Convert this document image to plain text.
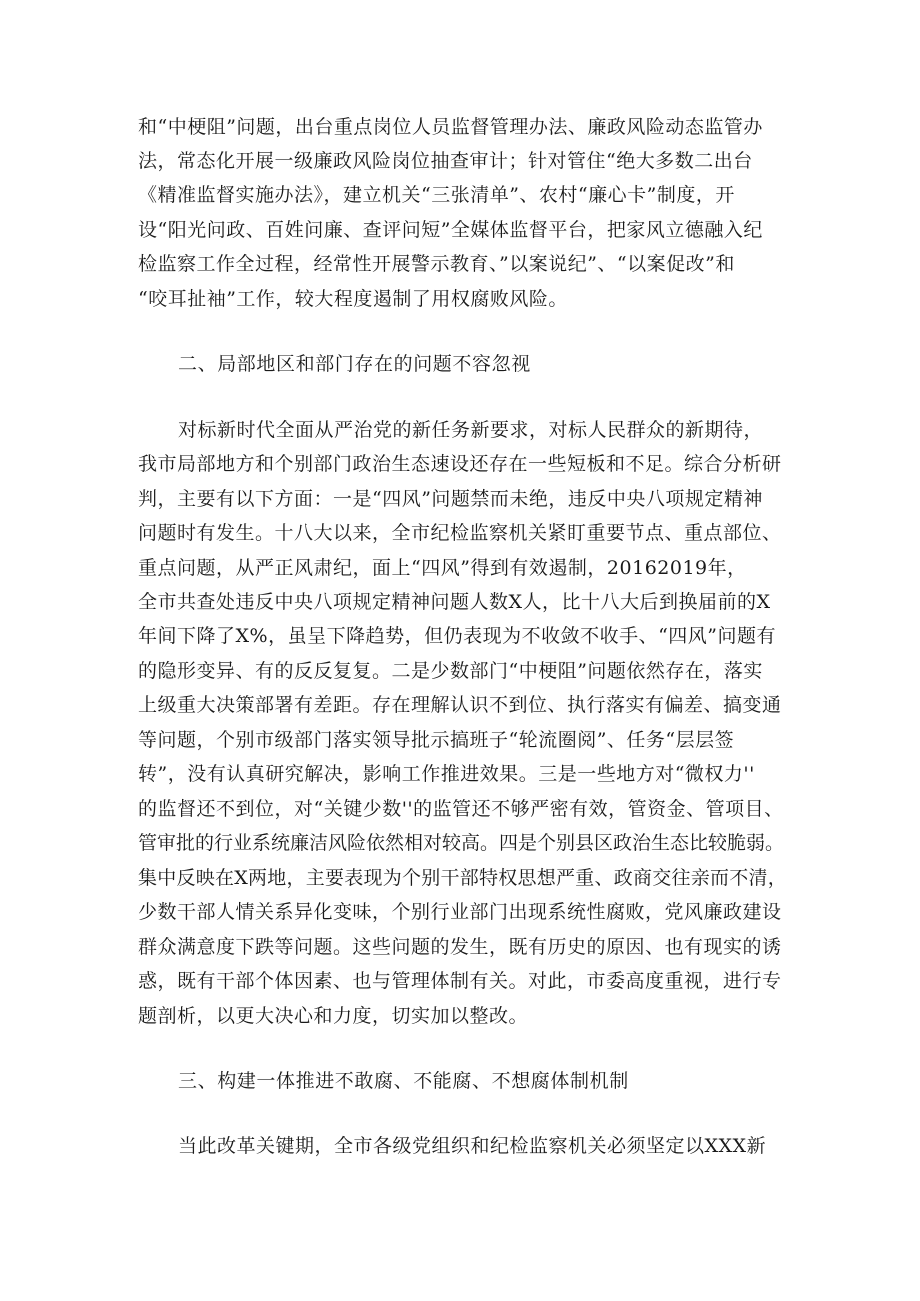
和“中梗阻”问题，出台重点岗位人员监督管理办法、廉政风险动态监管办
法，常态化开展一级廉政风险岗位抽查审计；针对管住“绝大多数二出台
《精准监督实施办法》，建立机关“三张清单”、农村“廉心卡”制度，开
设“阳光问政、百姓问廉、查评问短”全媒体监督平台，把家风立德融入纪
检监察工作全过程，经常性开展警示教育、”以案说纪”、“以案促改”和
“咬耳扯袖”工作，较大程度遏制了用权腐败风险。
二、局部地区和部门存在的问题不容忽视
对标新时代全面从严治党的新任务新要求，对标人民群众的新期待，
我市局部地方和个别部门政治生态速设还存在一些短板和不足。综合分析研
判，主要有以下方面：一是“四风”问题禁而未绝，违反中央八项规定精神
问题时有发生。十八大以来，全市纪检监察机关紧盯重要节点、重点部位、
重点问题，从严正风肃纪，面上“四风”得到有效遏制，20162019年，
全市共查处违反中央八项规定精神问题人数X人，比十八大后到换届前的X
年间下降了X%，虽呈下降趋势，但仍表现为不收敛不收手、“四风”问题有
的隐形变异、有的反反复复。二是少数部门“中梗阻”问题依然存在，落实
上级重大决策部署有差距。存在理解认识不到位、执行落实有偏差、搞变通
等问题，个别市级部门落实领导批示搞班子“轮流圈阅”、任务“层层签
转”，没有认真研究解决，影响工作推进效果。三是一些地方对“微权力''
的监督还不到位，对“关键少数''的监管还不够严密有效，管资金、管项目、
管审批的行业系统廉洁风险依然相对较高。四是个别县区政治生态比较脆弱。
集中反映在X两地，主要表现为个别干部特权思想严重、政商交往亲而不清，
少数干部人情关系异化变味，个别行业部门出现系统性腐败，党风廉政建设
群众满意度下跌等问题。这些问题的发生，既有历史的原因、也有现实的诱
惑，既有干部个体因素、也与管理体制有关。对此，市委高度重视，进行专
题剖析，以更大决心和力度，切实加以整改。
三、构建一体推进不敢腐、不能腐、不想腐体制机制
当此改革关键期，全市各级党组织和纪检监察机关必须坚定以XXX新
